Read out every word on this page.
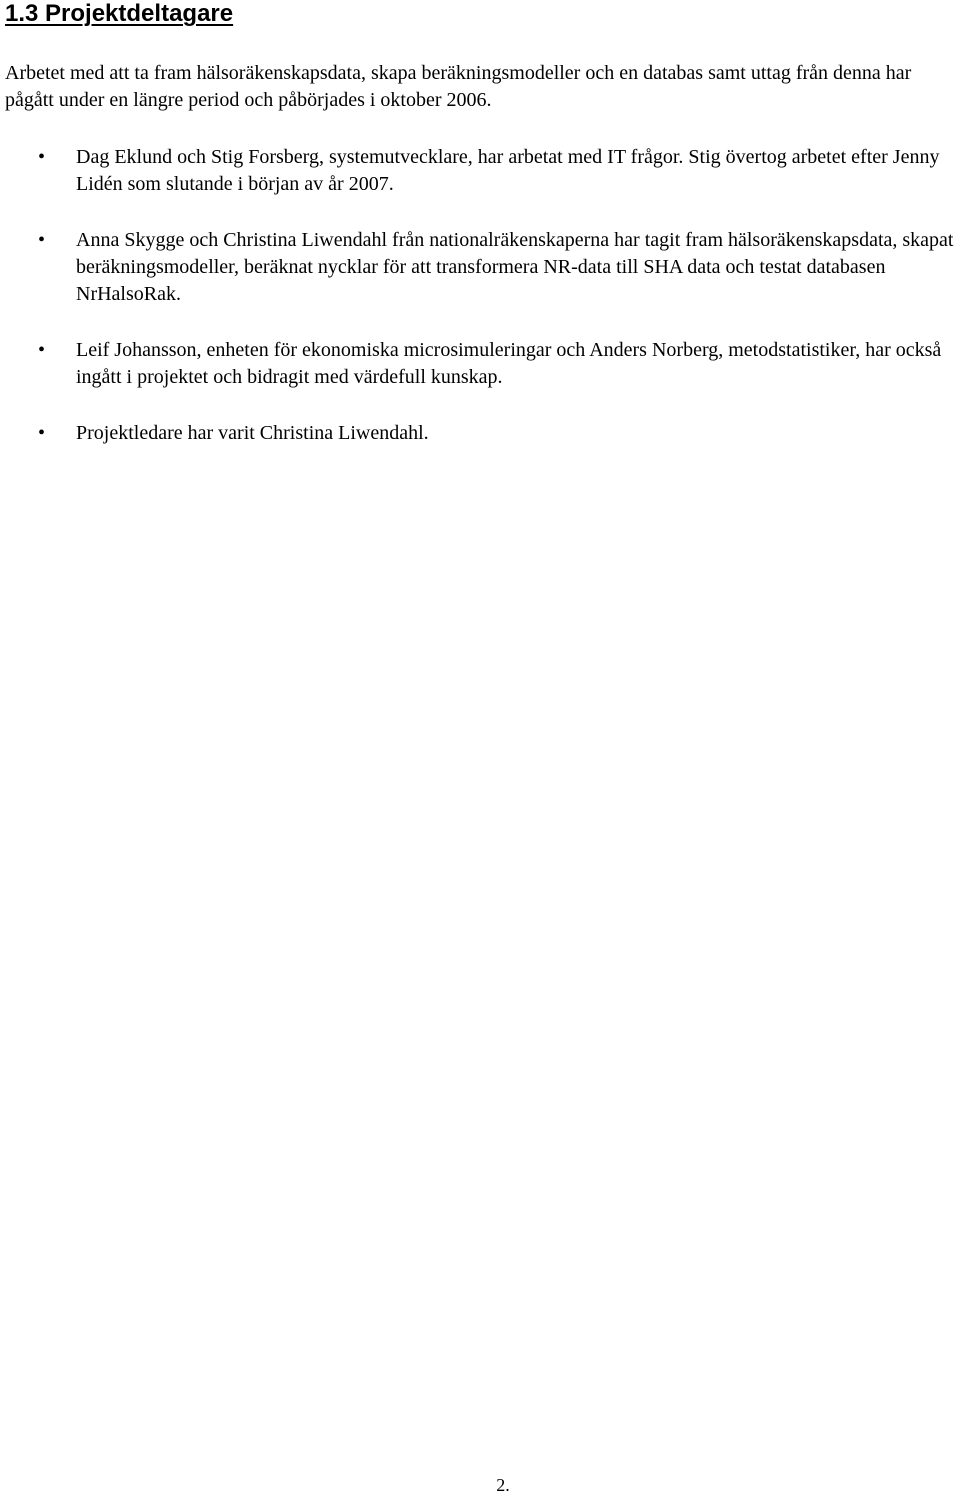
1.3 Projektdeltagare

Arbetet med att ta fram hälsoräkenskapsdata, skapa beräkningsmodeller och en databas samt uttag från denna har pågått under en längre period och påbörjades i oktober 2006.

• Dag Eklund och Stig Forsberg, systemutvecklare, har arbetat med IT frågor. Stig övertog arbetet efter Jenny Lidén som slutande i början av år 2007.
• Anna Skygge och Christina Liwendahl från nationalräkenskaperna har tagit fram hälsoräkenskapsdata, skapat beräkningsmodeller, beräknat nycklar för att transformera NR-data till SHA data och testat databasen NrHalsoRak.
• Leif Johansson, enheten för ekonomiska microsimuleringar och Anders Norberg, metodstatistiker, har också ingått i projektet och bidragit med värdefull kunskap.
• Projektledare har varit Christina Liwendahl.
2.
